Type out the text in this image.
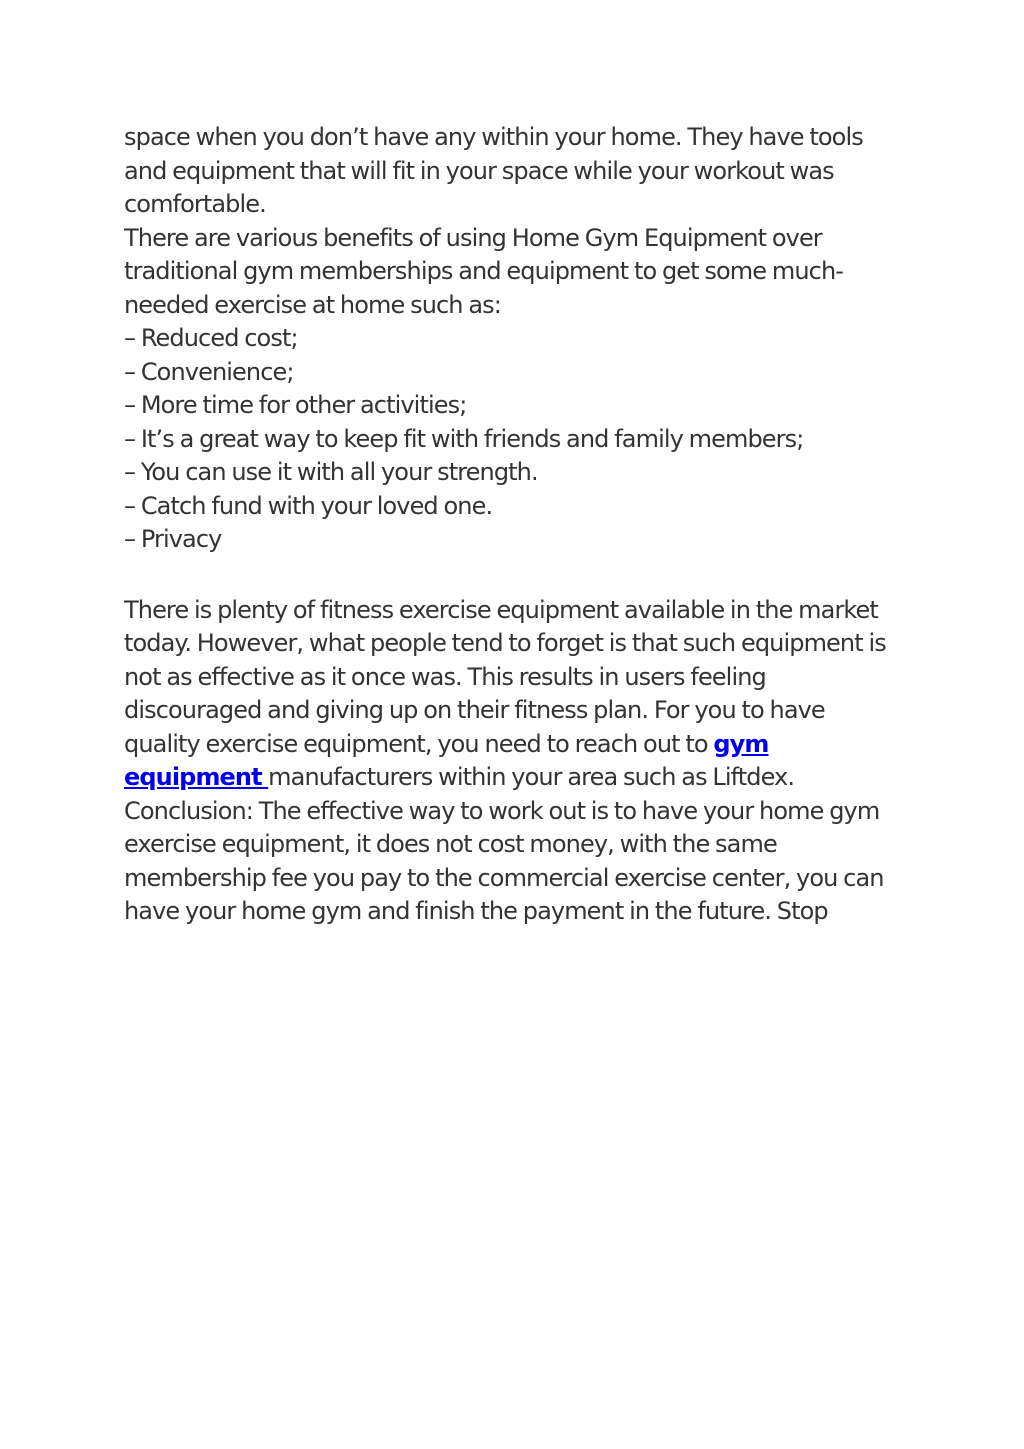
space when you don’t have any within your home. They have tools and equipment that will fit in your space while your workout was comfortable.

There are various benefits of using Home Gym Equipment over traditional gym memberships and equipment to get some much-needed exercise at home such as:

– Reduced cost;

– Convenience;

– More time for other activities;

– It’s a great way to keep fit with friends and family members;

– You can use it with all your strength.

– Catch fund with your loved one.

– Privacy

There is plenty of fitness exercise equipment available in the market today. However, what people tend to forget is that such equipment is not as effective as it once was. This results in users feeling discouraged and giving up on their fitness plan. For you to have quality exercise equipment, you need to reach out to gym equipment manufacturers within your area such as Liftdex.

Conclusion: The effective way to work out is to have your home gym exercise equipment, it does not cost money, with the same membership fee you pay to the commercial exercise center, you can have your home gym and finish the payment in the future. Stop
